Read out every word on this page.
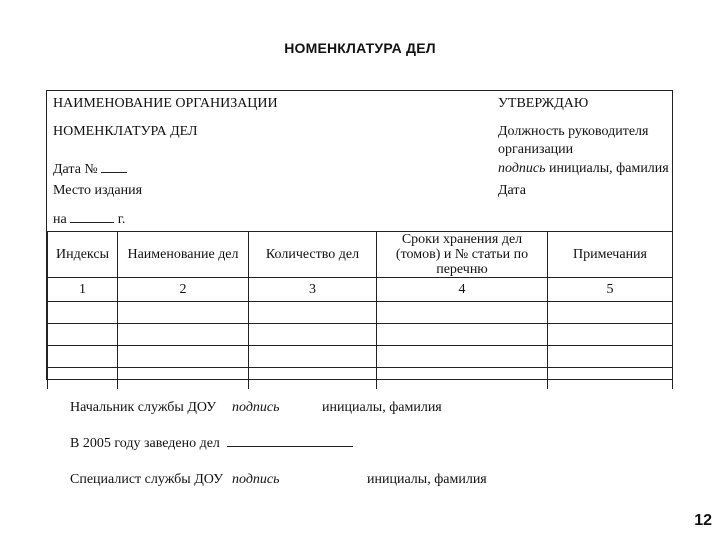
НОМЕНКЛАТУРА ДЕЛ
НАИМЕНОВАНИЕ ОРГАНИЗАЦИИ
НОМЕНКЛАТУРА ДЕЛ
Дата №
Место издания
на	г.
УТВЕРЖДАЮ
Должность руководителя
организации
подпись инициалы, фамилия
Дата
Индексы	Наименование дел	Количество дел	Сроки хранения дел (томов) и № статьи по перечню	Примечания
1	2	3	4	5

Начальник службы ДОУ подпись	инициалы, фамилия
В 2005 году заведено дел
Специалист службы ДОУ подпись	инициалы, фамилия
12
